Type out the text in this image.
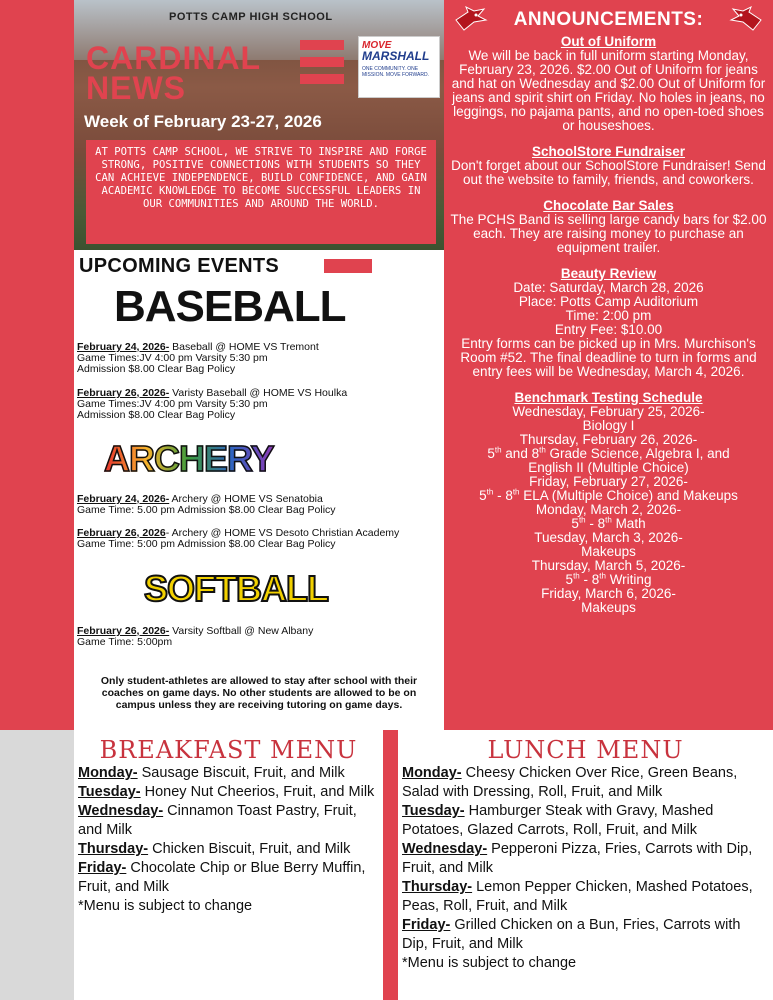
POTTS CAMP HIGH SCHOOL
CARDINAL
NEWS
MOVE
MARSHALL
ONE COMMUNITY. ONE MISSION. MOVE FORWARD.
Week of February 23-27, 2026
AT POTTS CAMP SCHOOL, WE STRIVE TO INSPIRE AND FORGE STRONG, POSITIVE CONNECTIONS WITH STUDENTS SO THEY CAN ACHIEVE INDEPENDENCE, BUILD CONFIDENCE, AND GAIN ACADEMIC KNOWLEDGE TO BECOME SUCCESSFUL LEADERS IN OUR COMMUNITIES AND AROUND THE WORLD.
ANNOUNCEMENTS:
Out of Uniform

We will be back in full uniform starting Monday, February 23, 2026. $2.00 Out of Uniform for jeans and hat on Wednesday and $2.00 Out of Uniform for jeans and spirit shirt on Friday. No holes in jeans, no leggings, no pajama pants, and no open-toed shoes or houseshoes.

SchoolStore Fundraiser

Don't forget about our SchoolStore Fundraiser! Send out the website to family, friends, and coworkers.

Chocolate Bar Sales

The PCHS Band is selling large candy bars for $2.00 each. They are raising money to purchase an equipment trailer.

Beauty Review

Date: Saturday, March 28, 2026

Place: Potts Camp Auditorium

Time: 2:00 pm

Entry Fee: $10.00

Entry forms can be picked up in Mrs. Murchison's Room #52. The final deadline to turn in forms and entry fees will be Wednesday, March 4, 2026.

Benchmark Testing Schedule

Wednesday, February 25, 2026-

Biology I

Thursday, February 26, 2026-

5th and 8th Grade Science, Algebra I, and

English II (Multiple Choice)

Friday, February 27, 2026-

5th - 8th ELA (Multiple Choice) and Makeups

Monday, March 2, 2026-

5th - 8th Math

Tuesday, March 3, 2026-

Makeups

Thursday, March 5, 2026-

5th - 8th Writing

Friday, March 6, 2026-

Makeups

UPCOMING EVENTS
BASEBALL
February 24, 2026- Baseball @ HOME VS Tremont
Game Times:JV 4:00 pm Varsity 5:30 pm
Admission $8.00 Clear Bag Policy
February 26, 2026- Varisty Baseball @ HOME VS Houlka
Game Times:JV 4:00 pm Varsity 5:30 pm
Admission $8.00 Clear Bag Policy
ARCHERY
February 24, 2026- Archery @ HOME VS Senatobia
Game Time: 5.00 pm Admission $8.00 Clear Bag Policy
February 26, 2026- Archery @ HOME VS Desoto Christian Academy
Game Time: 5:00 pm Admission $8.00 Clear Bag Policy
SOFTBALL
February 26, 2026- Varsity Softball @ New Albany
Game Time: 5:00pm
Only student-athletes are allowed to stay after school with their coaches on game days. No other students are allowed to be on campus unless they are receiving tutoring on game days.
BREAKFAST MENU
Monday- Sausage Biscuit, Fruit, and Milk
Tuesday- Honey Nut Cheerios, Fruit, and Milk
Wednesday- Cinnamon Toast Pastry, Fruit, and Milk
Thursday- Chicken Biscuit, Fruit, and Milk
Friday- Chocolate Chip or Blue Berry Muffin, Fruit, and Milk
*Menu is subject to change
LUNCH MENU
Monday- Cheesy Chicken Over Rice, Green Beans, Salad with Dressing, Roll, Fruit, and Milk
Tuesday- Hamburger Steak with Gravy, Mashed Potatoes, Glazed Carrots, Roll, Fruit, and Milk
Wednesday- Pepperoni Pizza, Fries, Carrots with Dip, Fruit, and Milk
Thursday- Lemon Pepper Chicken, Mashed Potatoes, Peas, Roll, Fruit, and Milk
Friday- Grilled Chicken on a Bun, Fries, Carrots with Dip, Fruit, and Milk
*Menu is subject to change
